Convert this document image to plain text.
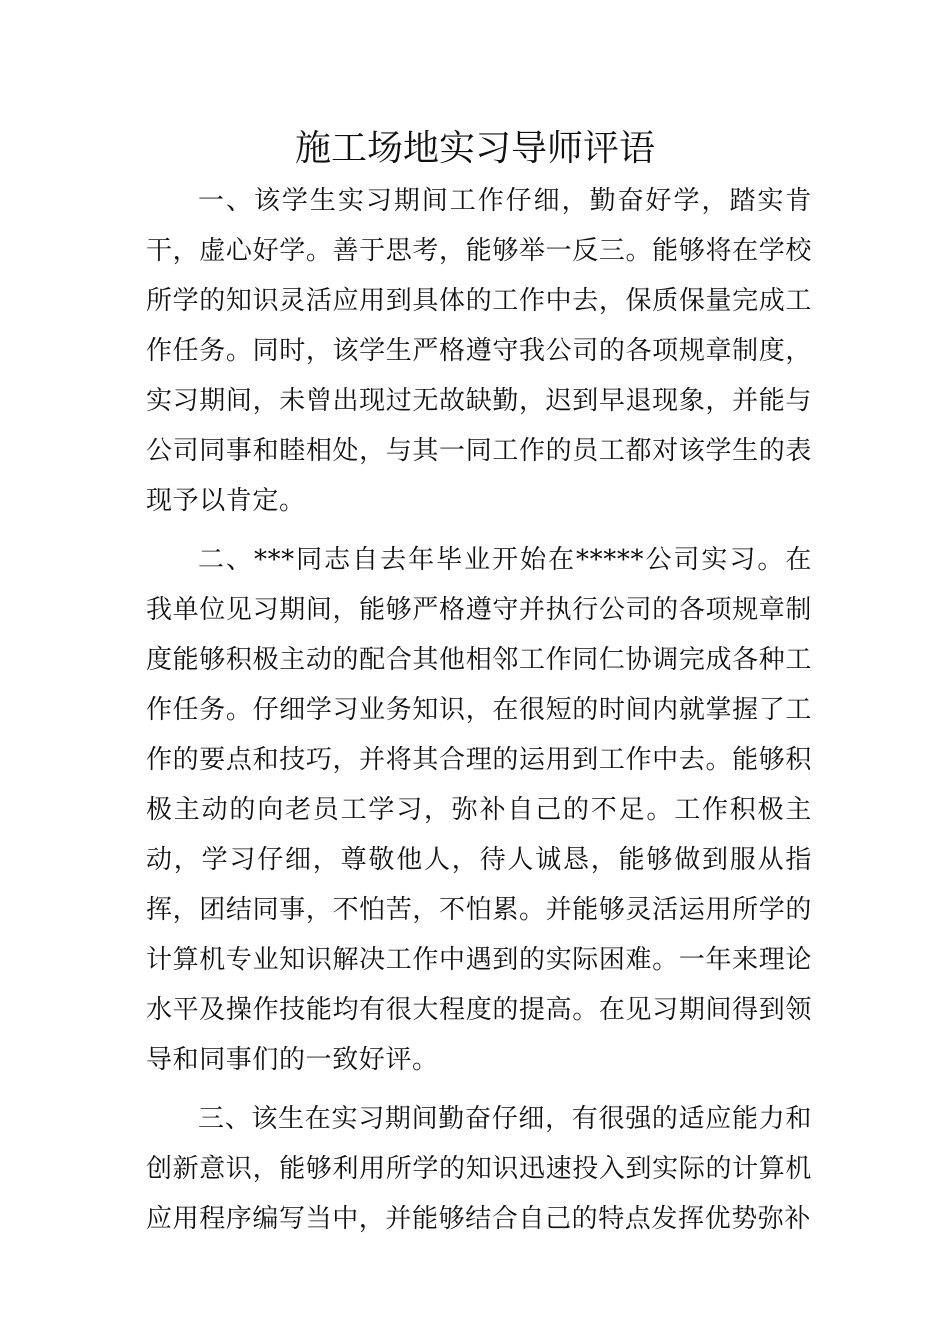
施工场地实习导师评语

一、该学生实习期间工作仔细，勤奋好学，踏实肯干，虚心好学。善于思考，能够举一反三。能够将在学校所学的知识灵活应用到具体的工作中去，保质保量完成工作任务。同时，该学生严格遵守我公司的各项规章制度，实习期间，未曾出现过无故缺勤，迟到早退现象，并能与公司同事和睦相处，与其一同工作的员工都对该学生的表现予以肯定。

二、***同志自去年毕业开始在*****公司实习。在我单位见习期间，能够严格遵守并执行公司的各项规章制度能够积极主动的配合其他相邻工作同仁协调完成各种工作任务。仔细学习业务知识，在很短的时间内就掌握了工作的要点和技巧，并将其合理的运用到工作中去。能够积极主动的向老员工学习，弥补自己的不足。工作积极主动，学习仔细，尊敬他人，待人诚恳，能够做到服从指挥，团结同事，不怕苦，不怕累。并能够灵活运用所学的计算机专业知识解决工作中遇到的实际困难。一年来理论水平及操作技能均有很大程度的提高。在见习期间得到领导和同事们的一致好评。

三、该生在实习期间勤奋仔细，有很强的适应能力和创新意识，能够利用所学的知识迅速投入到实际的计算机应用程序编写当中，并能够结合自己的特点发挥优势弥补
